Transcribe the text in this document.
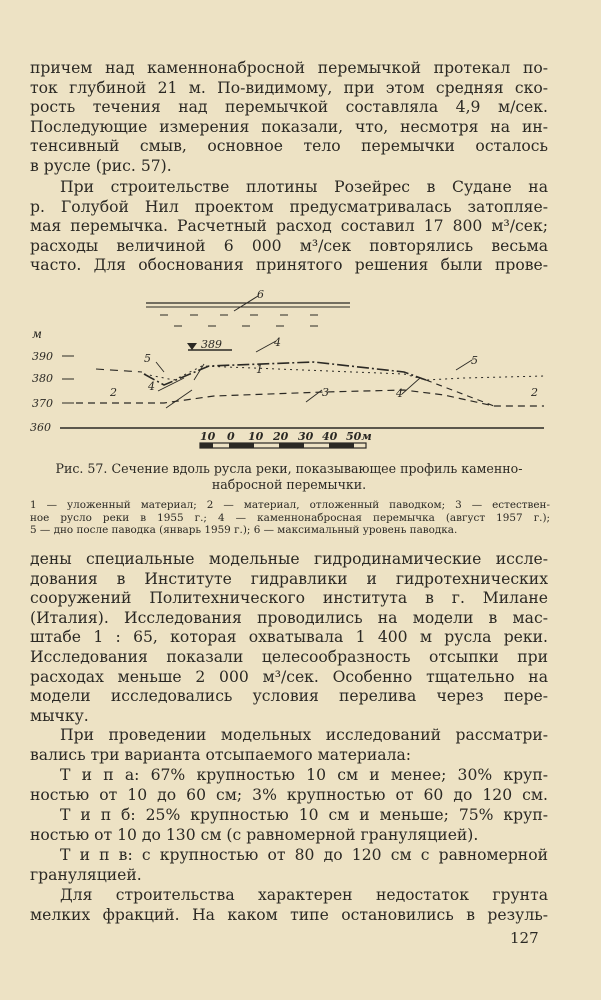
причем над каменнонабросной перемычкой протекал по-
ток глубиной 21 м. По-видимому, при этом средняя ско-
рость течения над перемычкой составляла 4,9 м/сек.
Последующие измерения показали, что, несмотря на ин-
тенсивный смыв, основное тело перемычки осталось
в русле (рис. 57).

При строительстве плотины Розейрес в Судане на
р. Голубой Нил проектом предусматривалась затопляе-
мая перемычка. Расчетный расход составил 17 800 м³/сек;
расходы величиной 6 000 м³/сек повторялись весьма
часто. Для обоснования принятого решения были прове-

м
390
380
370
360
389
1
2	2
3
4
4
4
5	5
6
10 0 10 20 30 40 50м

Рис. 57. Сечение вдоль русла реки, показывающее профиль каменно-
набросной перемычки.

1 — уложенный материал; 2 — материал, отложенный паводком; 3 — естествен-
ное русло реки в 1955 г.; 4 — каменнонабросная перемычка (август 1957 г.);
5 — дно после паводка (январь 1959 г.); 6 — максимальный уровень паводка.

дены специальные модельные гидродинамические иссле-
дования в Институте гидравлики и гидротехнических
сооружений Политехнического института в г. Милане
(Италия). Исследования проводились на модели в мас-
штабе 1 : 65, которая охватывала 1 400 м русла реки.
Исследования показали целесообразность отсыпки при
расходах меньше 2 000 м³/сек. Особенно тщательно на
модели исследовались условия перелива через пере-
мычку.

При проведении модельных исследований рассматри-
вались три варианта отсыпаемого материала:

Т и п а: 67% крупностью 10 см и менее; 30% круп-
ностью от 10 до 60 см; 3% крупностью от 60 до 120 см.

Т и п б: 25% крупностью 10 см и меньше; 75% круп-
ностью от 10 до 130 см (с равномерной грануляцией).

Т и п в: с крупностью от 80 до 120 см с равномерной
грануляцией.

Для строительства характерен недостаток грунта
мелких фракций. На каком типе остановились в резуль-

127
